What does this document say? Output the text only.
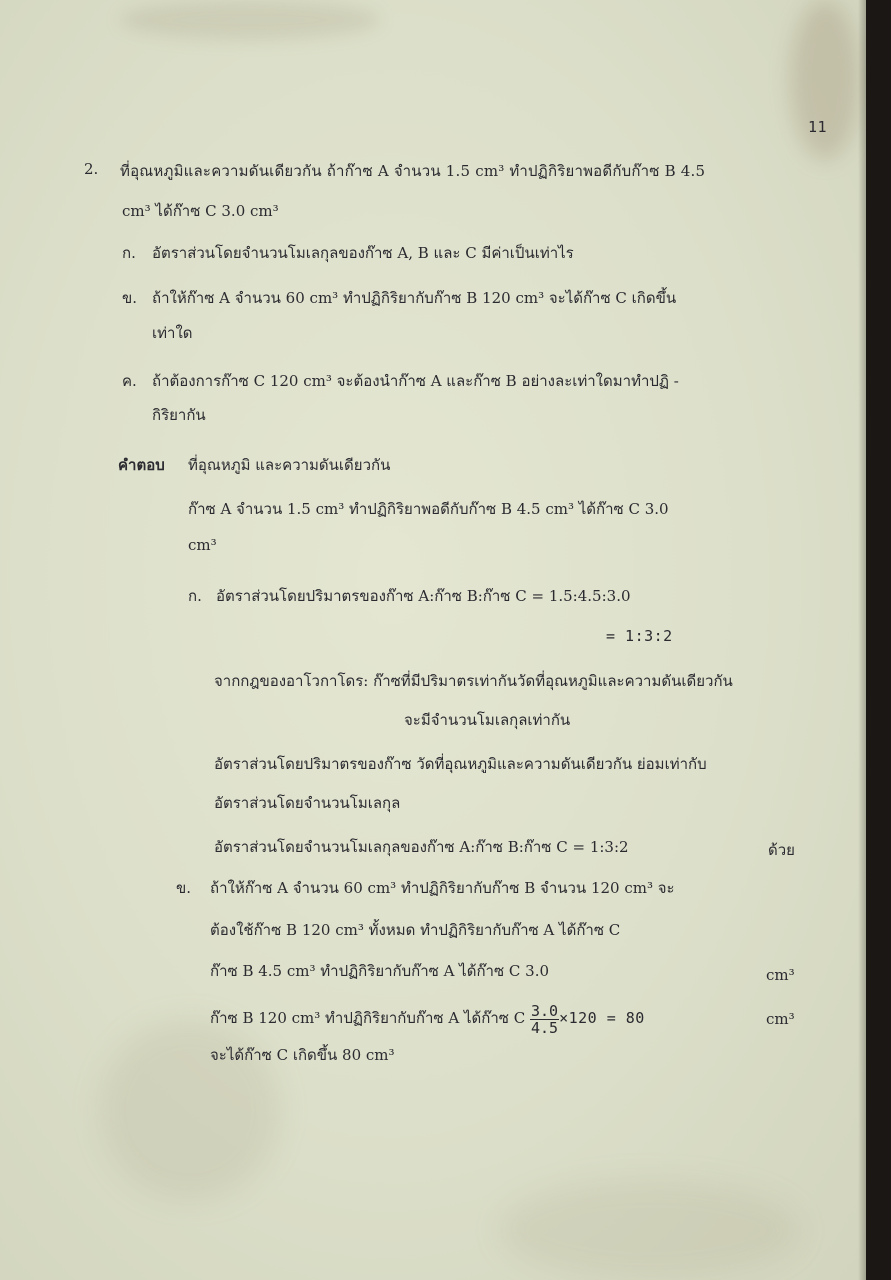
11
2. ที่อุณหภูมิและความดันเดียวกัน ถ้าก๊าซ A จำนวน 1.5 cm³ ทำปฏิกิริยาพอดีกับก๊าซ B 4.5
cm³ ได้ก๊าซ C 3.0 cm³
ก. อัตราส่วนโดยจำนวนโมเลกุลของก๊าซ A, B และ C มีค่าเป็นเท่าไร
ข. ถ้าให้ก๊าซ A จำนวน 60 cm³ ทำปฏิกิริยากับก๊าซ B 120 cm³ จะได้ก๊าซ C เกิดขึ้น
เท่าใด
ค. ถ้าต้องการก๊าซ C 120 cm³ จะต้องนำก๊าซ A และก๊าซ B อย่างละเท่าใดมาทำปฏิ -
กิริยากัน
คำตอบ ที่อุณหภูมิ และความดันเดียวกัน
ก๊าซ A จำนวน 1.5 cm³ ทำปฏิกิริยาพอดีกับก๊าซ B 4.5 cm³ ได้ก๊าซ C 3.0
cm³
ก. อัตราส่วนโดยปริมาตรของก๊าซ A:ก๊าซ B:ก๊าซ C = 1.5:4.5:3.0
= 1:3:2
จากกฎของอาโวกาโดร: ก๊าซที่มีปริมาตรเท่ากันวัดที่อุณหภูมิและความดันเดียวกัน
จะมีจำนวนโมเลกุลเท่ากัน
อัตราส่วนโดยปริมาตรของก๊าซ วัดที่อุณหภูมิและความดันเดียวกัน ย่อมเท่ากับ
อัตราส่วนโดยจำนวนโมเลกุล
อัตราส่วนโดยจำนวนโมเลกุลของก๊าซ A:ก๊าซ B:ก๊าซ C = 1:3:2	ด้วย
ข. ถ้าให้ก๊าซ A จำนวน 60 cm³ ทำปฏิกิริยากับก๊าซ B จำนวน 120 cm³ จะ
ต้องใช้ก๊าซ B 120 cm³ ทั้งหมด ทำปฏิกิริยากับก๊าซ A ได้ก๊าซ C
ก๊าซ B 4.5 cm³ ทำปฏิกิริยากับก๊าซ A ได้ก๊าซ C 3.0	cm³
ก๊าซ B 120 cm³ ทำปฏิกิริยากับก๊าซ A ได้ก๊าซ C $\frac{3.0}{4.5} \times 120 = 80$	cm³
จะได้ก๊าซ C เกิดขึ้น 80 cm³
